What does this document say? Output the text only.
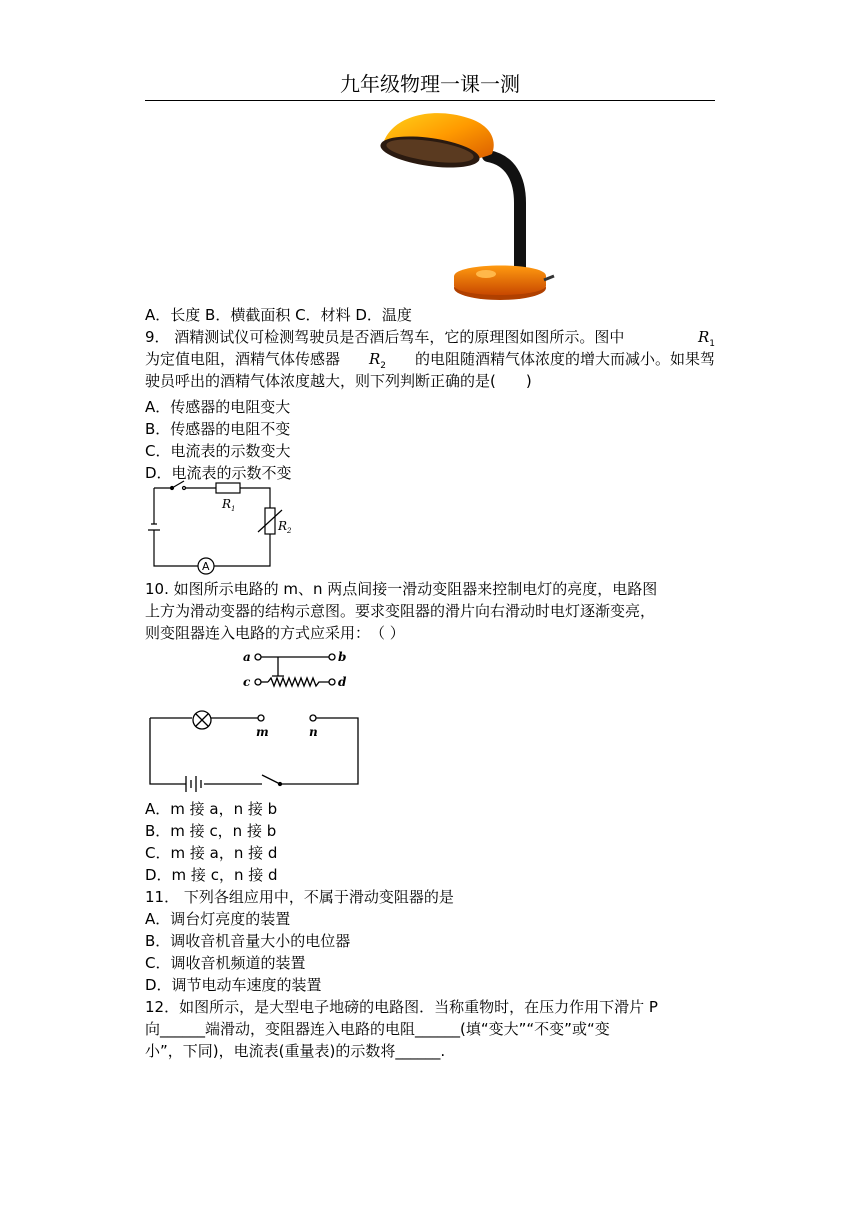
九年级物理一课一测
A．长度 B．横截面积 C．材料 D．温度
9． 酒精测试仪可检测驾驶员是否酒后驾车，它的原理图如图所示。图中	$R_1$
为定值电阻，酒精气体传感器 $R_2$ 的电阻随酒精气体浓度的增大而减小。如果驾
驶员呼出的酒精气体浓度越大，则下列判断正确的是(　　)
A．传感器的电阻变大
B．传感器的电阻不变
C．电流表的示数变大
D．电流表的示数不变
$R_1$
$R_2$
A
10. 如图所示电路的 m、n 两点间接一滑动变阻器来控制电灯的亮度，电路图
上方为滑动变器的结构示意图。要求变阻器的滑片向右滑动时电灯逐渐变亮，
则变阻器连入电路的方式应采用：　（ ）
a	b
c	d
m	n
A．m 接 a，n 接 b
B．m 接 c，n 接 b
C．m 接 a，n 接 d
D．m 接 c，n 接 d
11． 下列各组应用中，不属于滑动变阻器的是
A．调台灯亮度的装置
B．调收音机音量大小的电位器
C．调收音机频道的装置
D．调节电动车速度的装置
12．如图所示，是大型电子地磅的电路图．当称重物时，在压力作用下滑片 P
向______端滑动，变阻器连入电路的电阻______(填“变大”“不变”或“变
小”，下同)，电流表(重量表)的示数将______.
